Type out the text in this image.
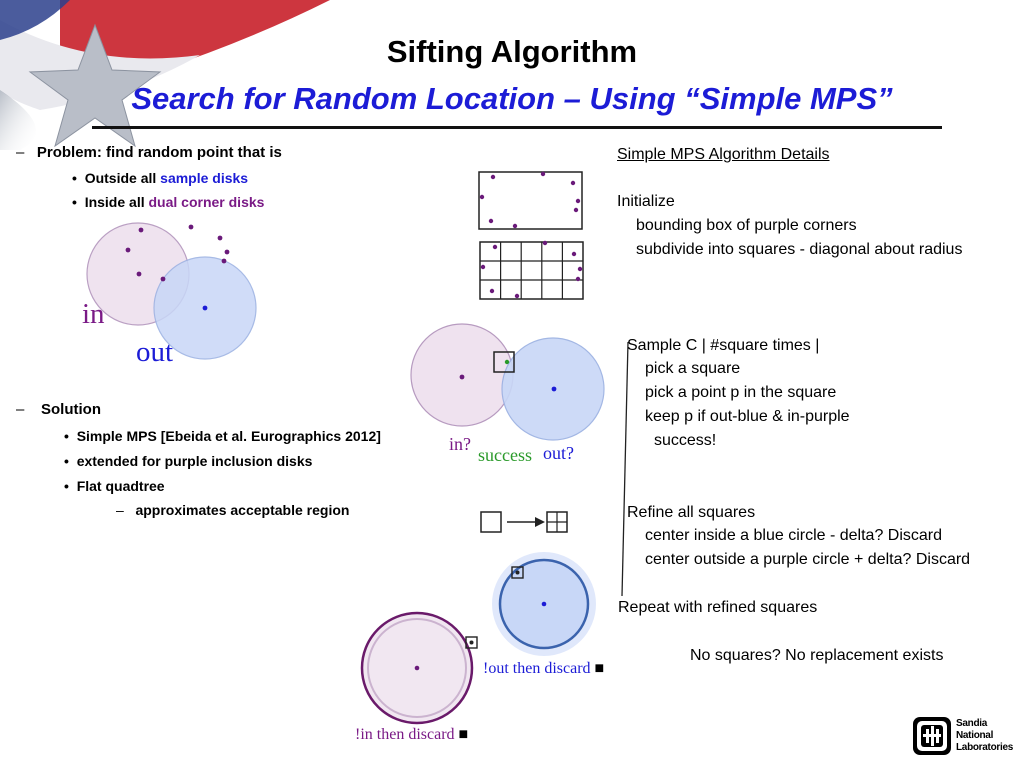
Sifting Algorithm
Search for Random Location – Using “Simple MPS”
– Problem: find random point that is
• Outside all sample disks
• Inside all dual corner disks
in
out
– Solution
• Simple MPS [Ebeida et al. Eurographics 2012]
• extended for purple inclusion disks
• Flat quadtree
– approximates acceptable region
in?
success out?
!out then discard ■
!in then discard ■
Simple MPS Algorithm Details
Initialize
bounding box of purple corners
subdivide into squares - diagonal about radius
Sample C | #square times |
pick a square
pick a point p in the square
keep p if out-blue & in-purple
success!
Refine all squares
center inside a blue circle - delta? Discard
center outside a purple circle + delta? Discard
Repeat with refined squares
No squares? No replacement exists
Sandia
National
Laboratories
